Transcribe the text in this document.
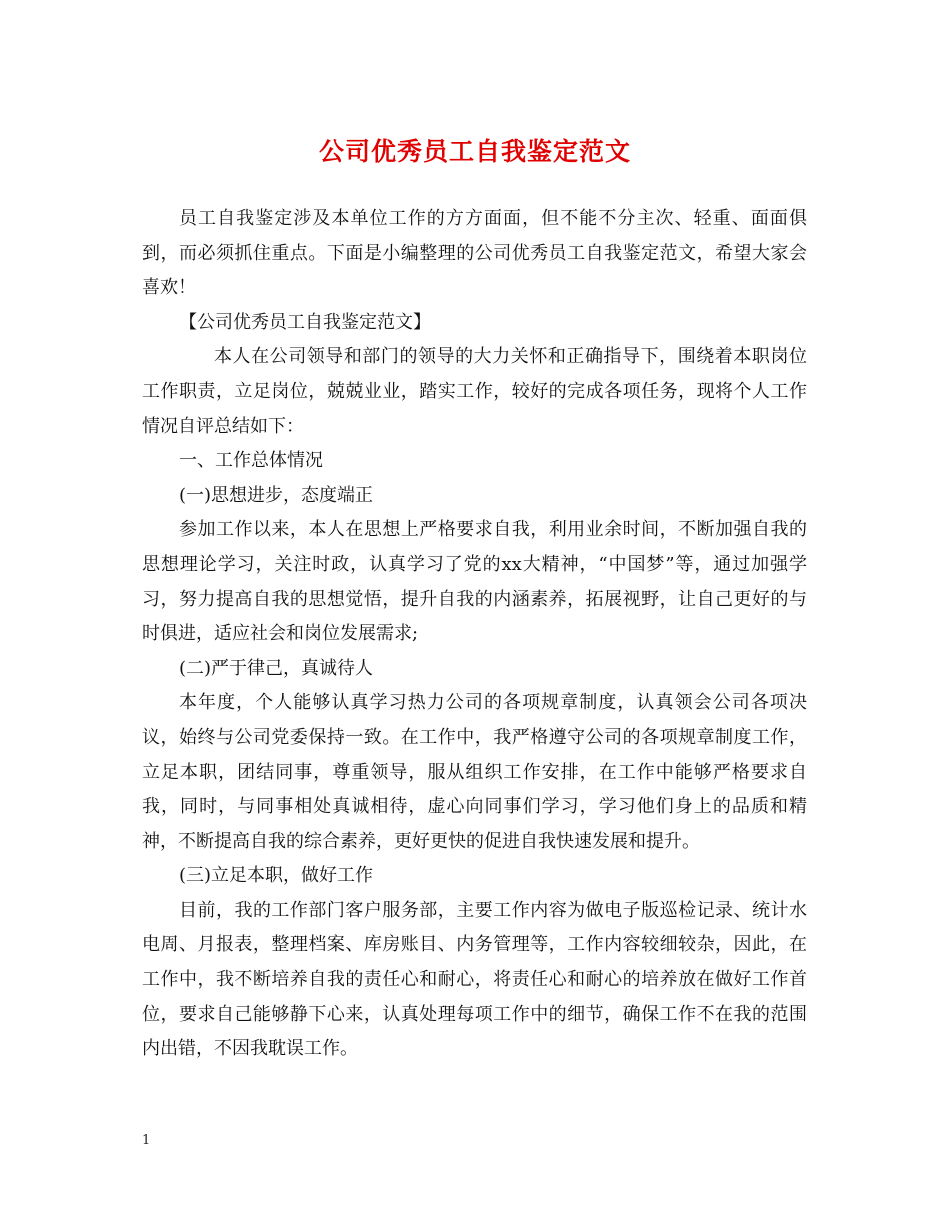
公司优秀员工自我鉴定范文

员工自我鉴定涉及本单位工作的方方面面，但不能不分主次、轻重、面面俱到，而必须抓住重点。下面是小编整理的公司优秀员工自我鉴定范文，希望大家会喜欢！

【公司优秀员工自我鉴定范文】

本人在公司领导和部门的领导的大力关怀和正确指导下，围绕着本职岗位工作职责，立足岗位，兢兢业业，踏实工作，较好的完成各项任务，现将个人工作情况自评总结如下：

一、工作总体情况

(一)思想进步，态度端正

参加工作以来，本人在思想上严格要求自我，利用业余时间，不断加强自我的思想理论学习，关注时政，认真学习了党的xx大精神，“中国梦”等，通过加强学习，努力提高自我的思想觉悟，提升自我的内涵素养，拓展视野，让自己更好的与时俱进，适应社会和岗位发展需求;

(二)严于律己，真诚待人

本年度，个人能够认真学习热力公司的各项规章制度，认真领会公司各项决议，始终与公司党委保持一致。在工作中，我严格遵守公司的各项规章制度工作，立足本职，团结同事，尊重领导，服从组织工作安排，在工作中能够严格要求自我，同时，与同事相处真诚相待，虚心向同事们学习，学习他们身上的品质和精神，不断提高自我的综合素养，更好更快的促进自我快速发展和提升。

(三)立足本职，做好工作

目前，我的工作部门客户服务部，主要工作内容为做电子版巡检记录、统计水电周、月报表，整理档案、库房账目、内务管理等，工作内容较细较杂，因此，在工作中，我不断培养自我的责任心和耐心，将责任心和耐心的培养放在做好工作首位，要求自己能够静下心来，认真处理每项工作中的细节，确保工作不在我的范围内出错，不因我耽误工作。

1
